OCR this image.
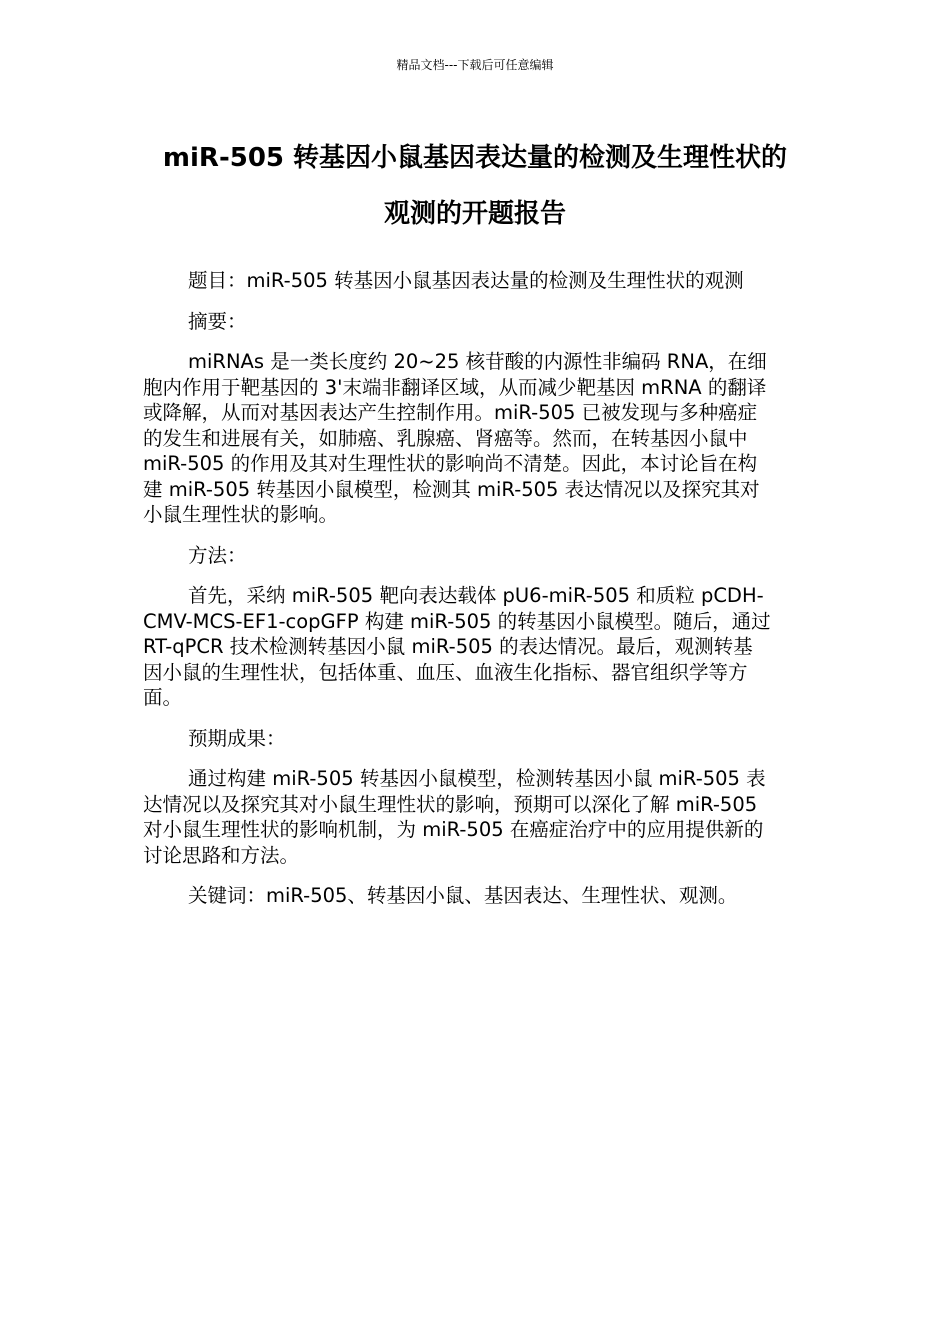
精品文档---下载后可任意编辑
miR-505 转基因小鼠基因表达量的检测及生理性状的
观测的开题报告
题目：miR-505 转基因小鼠基因表达量的检测及生理性状的观测
摘要：
miRNAs 是一类长度约 20~25 核苷酸的内源性非编码 RNA，在细
胞内作用于靶基因的 3'末端非翻译区域，从而减少靶基因 mRNA 的翻译
或降解，从而对基因表达产生控制作用。miR-505 已被发现与多种癌症
的发生和进展有关，如肺癌、乳腺癌、肾癌等。然而，在转基因小鼠中
miR-505 的作用及其对生理性状的影响尚不清楚。因此，本讨论旨在构
建 miR-505 转基因小鼠模型，检测其 miR-505 表达情况以及探究其对
小鼠生理性状的影响。
方法：
首先，采纳 miR-505 靶向表达载体 pU6-miR-505 和质粒 pCDH-
CMV-MCS-EF1-copGFP 构建 miR-505 的转基因小鼠模型。随后，通过
RT-qPCR 技术检测转基因小鼠 miR-505 的表达情况。最后，观测转基
因小鼠的生理性状，包括体重、血压、血液生化指标、器官组织学等方
面。
预期成果：
通过构建 miR-505 转基因小鼠模型，检测转基因小鼠 miR-505 表
达情况以及探究其对小鼠生理性状的影响，预期可以深化了解 miR-505
对小鼠生理性状的影响机制，为 miR-505 在癌症治疗中的应用提供新的
讨论思路和方法。
关键词：miR-505、转基因小鼠、基因表达、生理性状、观测。
